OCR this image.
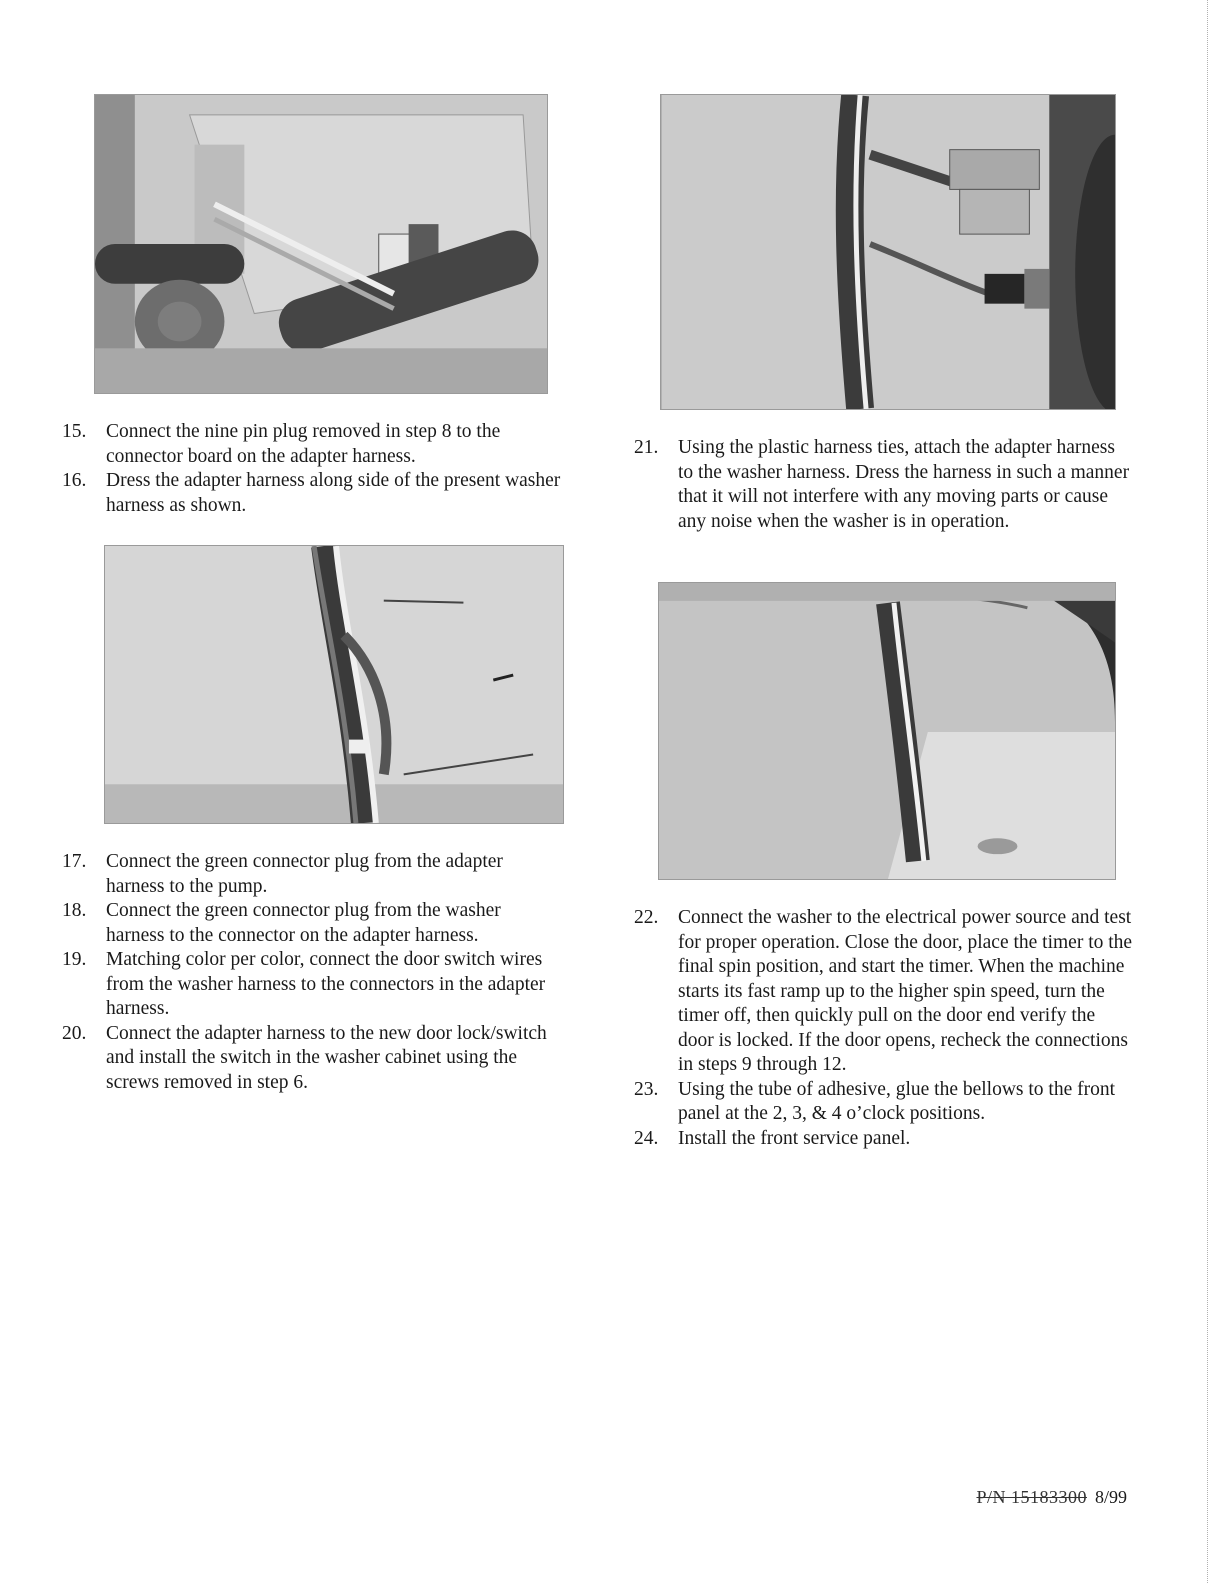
15.	Connect the nine pin plug removed in step 8 to the connector board on the adapter harness.
16.	Dress the adapter harness along side of the present washer harness as shown.
17.	Connect the green connector plug from the adapter harness to the pump.
18.	Connect the green connector plug from the washer harness to the connector on the adapter harness.
19.	Matching color per color, connect the door switch wires from the washer harness to the connectors in the adapter harness.
20.	Connect the adapter harness to the new door lock/switch and install the switch in the washer cabinet using the screws removed in step 6.
21.	Using the plastic harness ties, attach the adapter harness to the washer harness. Dress the harness in such a manner that it will not interfere with any moving parts or cause any noise when the washer is in operation.
22.	Connect the washer to the electrical power source and test for proper operation. Close the door, place the timer to the final spin position, and start the timer. When the machine starts its fast ramp up to the higher spin speed, turn the timer off, then quickly pull on the door end verify the door is locked. If the door opens, recheck the connections in steps 9 through 12.
23.	Using the tube of adhesive, glue the bellows to the front panel at the 2, 3, & 4 o’clock positions.
24.	Install the front service panel.
P/N 15183300 8/99
